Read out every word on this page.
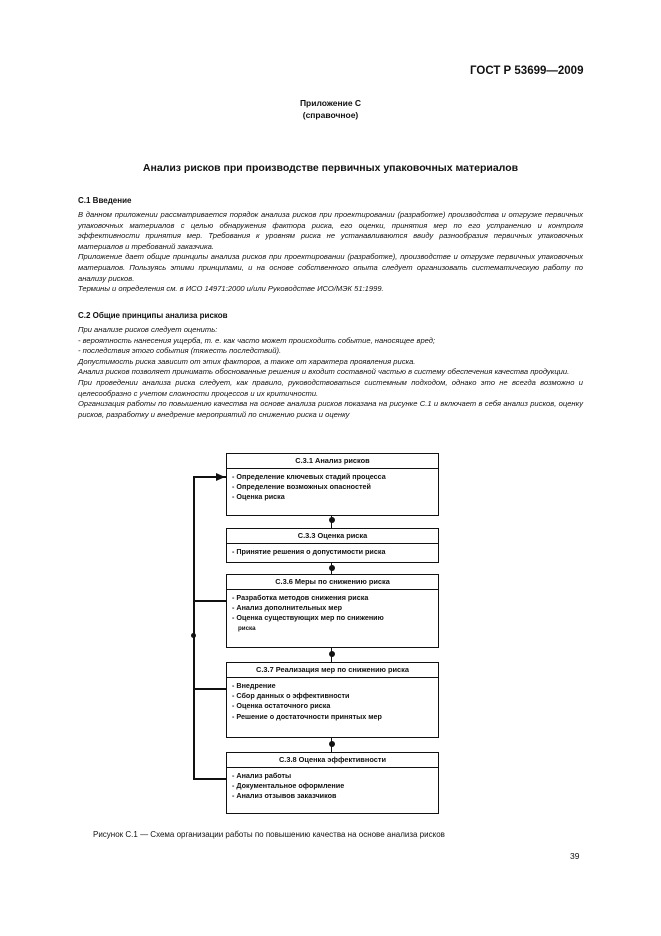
ГОСТ Р 53699—2009
Приложение С
(справочное)
Анализ рисков при производстве первичных упаковочных материалов
С.1 Введение

В данном приложении рассматривается порядок анализа рисков при проектировании (разработке) производства и отгрузке первичных упаковочных материалов с целью обнаружения фактора риска, его оценки, принятия мер по его устранению и контроля эффективности принятия мер. Требования к уровням риска не устанавливаются ввиду разнообразия первичных упаковочных материалов и требований заказчика.

Приложение дает общие принципы анализа рисков при проектировании (разработке), производстве и отгрузке первичных упаковочных материалов. Пользуясь этими принципами, и на основе собственного опыта следует организовать систематическую работу по анализу рисков.

Термины и определения см. в ИСО 14971:2000 и/или Руководстве ИСО/МЭК 51:1999.

С.2 Общие принципы анализа рисков

При анализе рисков следует оценить:

- вероятность нанесения ущерба, т. е. как часто может происходить событие, наносящее вред;

- последствия этого события (тяжесть последствий).

Допустимость риска зависит от этих факторов, а также от характера проявления риска.

Анализ рисков позволяет принимать обоснованные решения и входит составной частью в систему обеспечения качества продукции.

При проведении анализа риска следует, как правило, руководствоваться системным подходом, однако это не всегда возможно и целесообразно с учетом сложности процессов и их критичности.

Организация работы по повышению качества на основе анализа рисков показана на рисунке С.1 и включает в себя анализ рисков, оценку рисков, разработку и внедрение мероприятий по снижению риска и оценку

С.3.1 Анализ рисков
- Определение ключевых стадий процесса
- Определение возможных опасностей
- Оценка риска
С.3.3 Оценка риска
- Принятие решения о допустимости риска
С.3.6 Меры по снижению риска
- Разработка методов снижения риска
- Анализ дополнительных мер
- Оценка существующих мер по снижению
риска
С.3.7 Реализация мер по снижению риска
- Внедрение
- Сбор данных о эффективности
- Оценка остаточного риска
- Решение о достаточности принятых мер
С.3.8 Оценка эффективности
- Анализ работы
- Документальное оформление
- Анализ отзывов заказчиков
Рисунок С.1 — Схема организации работы по повышению качества на основе анализа рисков
39
